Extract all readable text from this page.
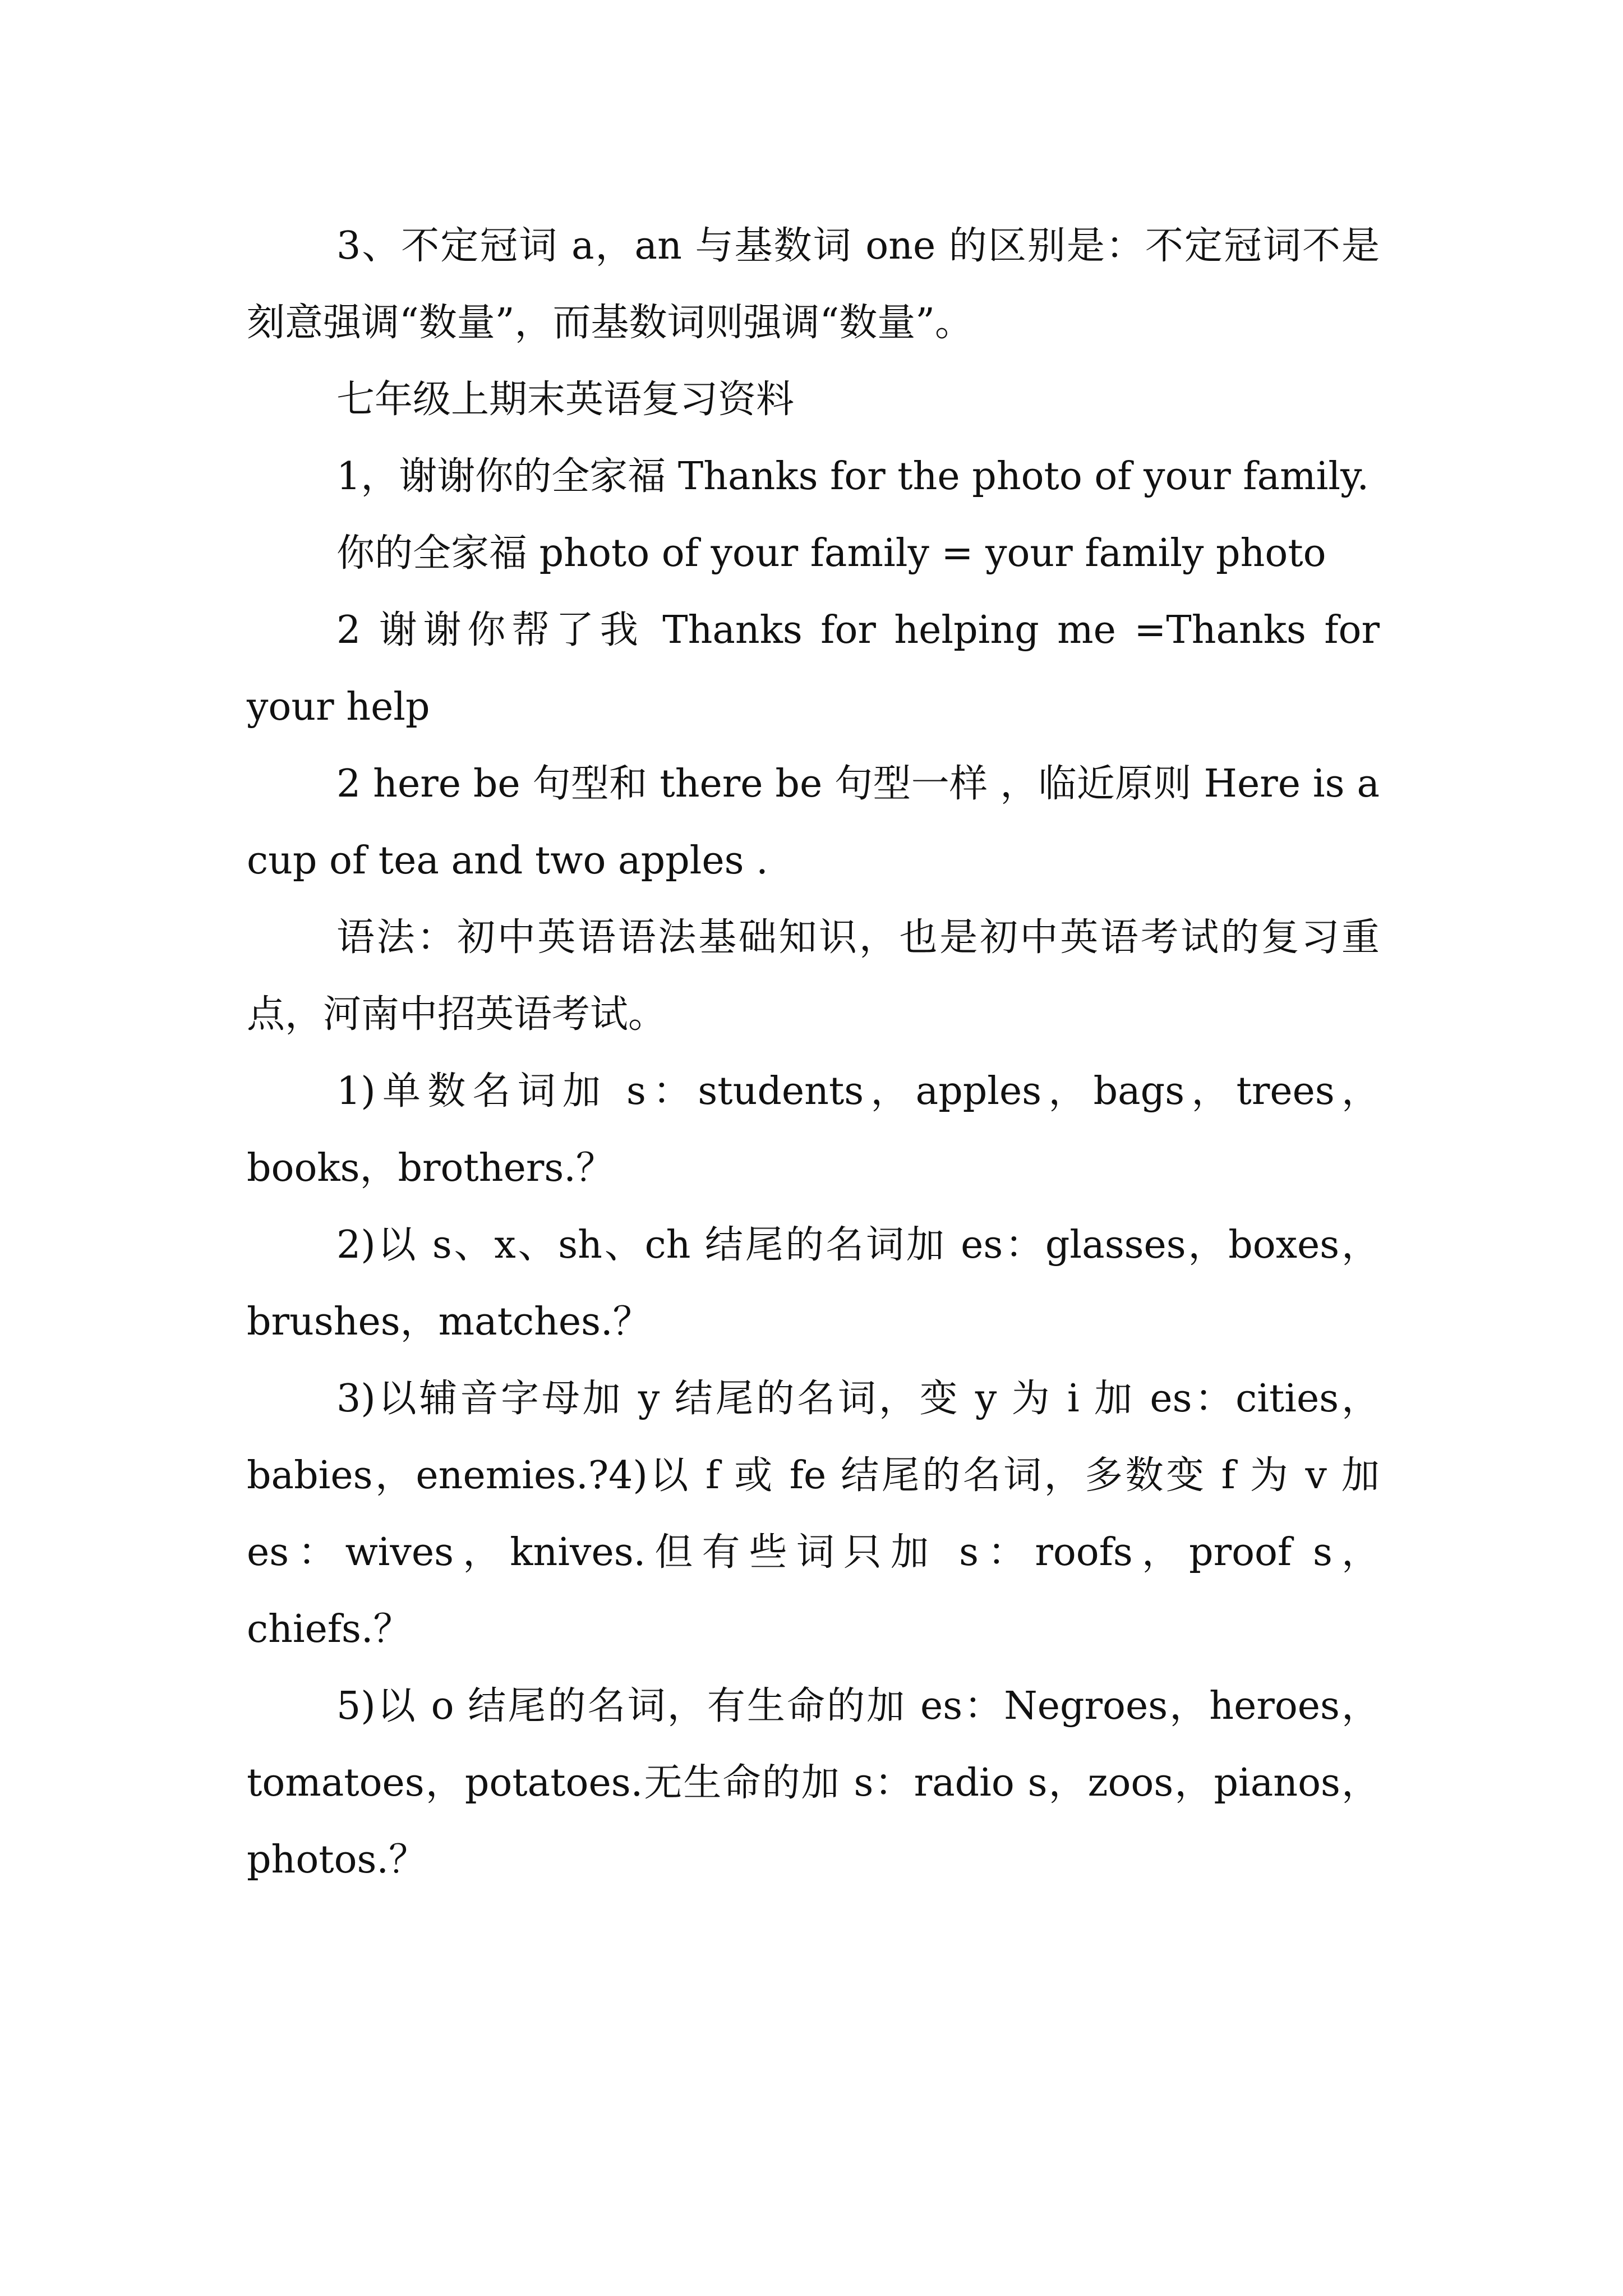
3、不定冠词 a，an 与基数词 one 的区别是：不定冠词不是刻意强调“数量”，而基数词则强调“数量”。

七年级上期末英语复习资料

1，谢谢你的全家福 Thanks for the photo of your family.

你的全家福 photo of your family = your family photo

2 谢谢你帮了我 Thanks for helping me =Thanks for your help

2 here be 句型和 there be 句型一样 ，临近原则 Here is a cup of tea and two apples .

语法：初中英语语法基础知识，也是初中英语考试的复习重点，河南中招英语考试。

1)单数名词加 s：students，apples，bags，trees，books，brothers.？

2)以 s、x、sh、ch 结尾的名词加 es：glasses，boxes，brushes，matches.？

3)以辅音字母加 y 结尾的名词，变 y 为 i 加 es：cities，babies，enemies.?4)以 f 或 fe 结尾的名词，多数变 f 为 v 加 es：wives，knives.但有些词只加 s：roofs，proof s，chiefs.？

5)以 o 结尾的名词，有生命的加 es：Negroes，heroes，tomatoes，potatoes.无生命的加 s：radio s，zoos，pianos，photos.？
